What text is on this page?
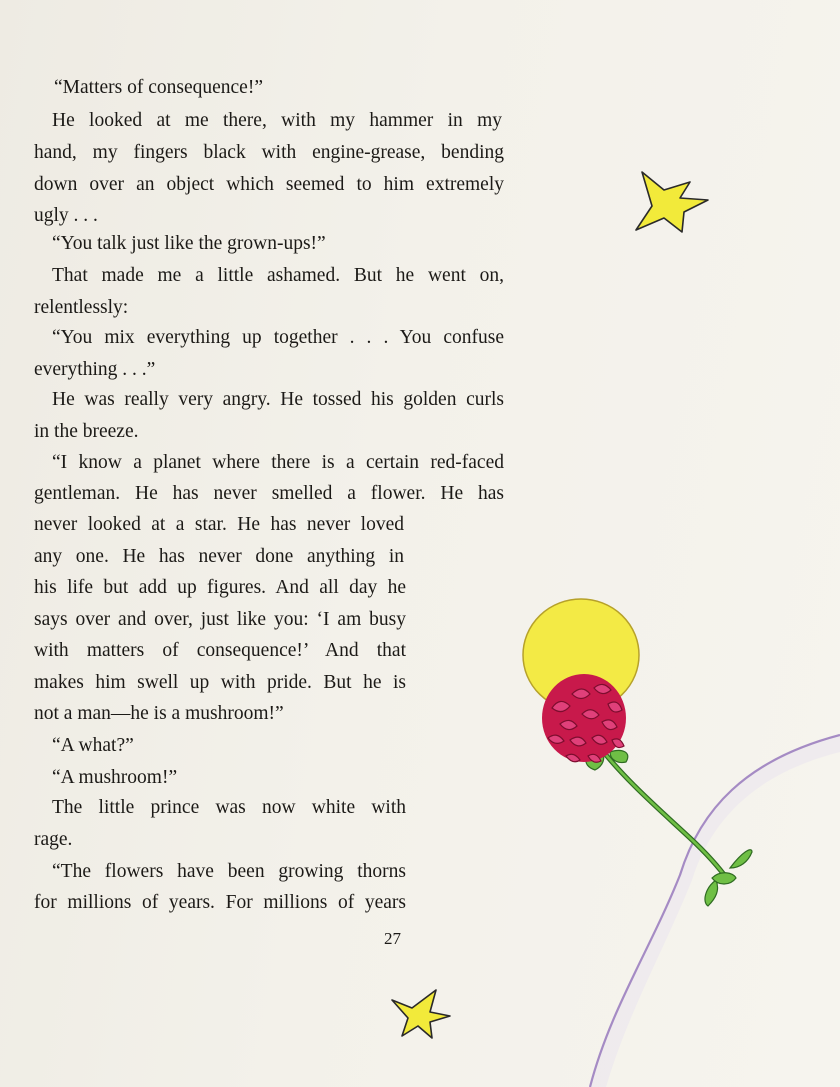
“Matters of consequence!”
He looked at me there, with my hammer in my
hand, my fingers black with engine-grease, bending
down over an object which seemed to him extremely
ugly . . .
“You talk just like the grown-ups!”
That made me a little ashamed. But he went on,
relentlessly:
“You mix everything up together . . . You confuse
everything . . .”
He was really very angry. He tossed his golden curls
in the breeze.
“I know a planet where there is a certain red-faced
gentleman. He has never smelled a flower. He has
never looked at a star. He has never loved
any one. He has never done anything in
his life but add up figures. And all day he
says over and over, just like you: ‘I am busy
with matters of consequence!’ And that
makes him swell up with pride. But he is
not a man—he is a mushroom!”
“A what?”
“A mushroom!”
The little prince was now white with
rage.
“The flowers have been growing thorns
for millions of years. For millions of years
27
